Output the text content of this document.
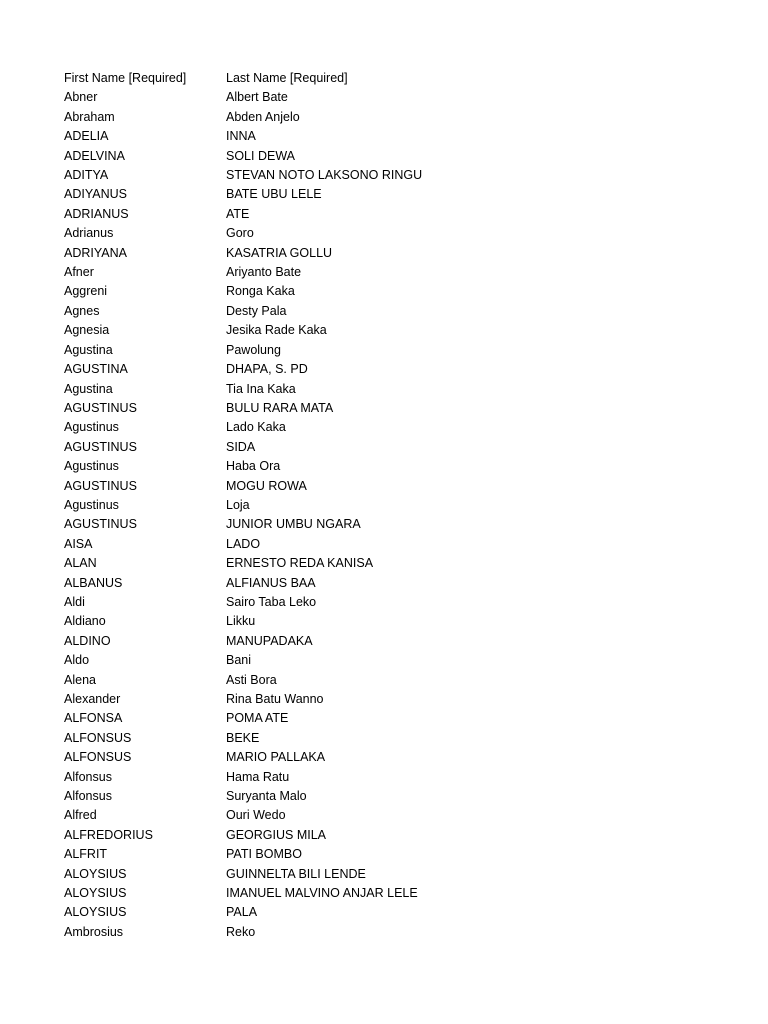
First Name [Required]	Last Name [Required]
Abner	Albert Bate
Abraham	Abden Anjelo
ADELIA	INNA
ADELVINA	SOLI DEWA
ADITYA	STEVAN NOTO LAKSONO RINGU
ADIYANUS	BATE UBU LELE
ADRIANUS	ATE
Adrianus	Goro
ADRIYANA	KASATRIA GOLLU
Afner	Ariyanto Bate
Aggreni	Ronga Kaka
Agnes	Desty Pala
Agnesia	Jesika Rade Kaka
Agustina	Pawolung
AGUSTINA	DHAPA, S. PD
Agustina	Tia Ina Kaka
AGUSTINUS	BULU RARA MATA
Agustinus	Lado Kaka
AGUSTINUS	SIDA
Agustinus	Haba Ora
AGUSTINUS	MOGU ROWA
Agustinus	Loja
AGUSTINUS	JUNIOR UMBU NGARA
AISA	LADO
ALAN	ERNESTO REDA KANISA
ALBANUS	ALFIANUS BAA
Aldi	Sairo Taba Leko
Aldiano	Likku
ALDINO	MANUPADAKA
Aldo	Bani
Alena	Asti Bora
Alexander	Rina Batu Wanno
ALFONSA	POMA ATE
ALFONSUS	BEKE
ALFONSUS	MARIO PALLAKA
Alfonsus	Hama Ratu
Alfonsus	Suryanta Malo
Alfred	Ouri Wedo
ALFREDORIUS	GEORGIUS MILA
ALFRIT	PATI BOMBO
ALOYSIUS	GUINNELTA BILI LENDE
ALOYSIUS	IMANUEL MALVINO ANJAR LELE
ALOYSIUS	PALA
Ambrosius	Reko
